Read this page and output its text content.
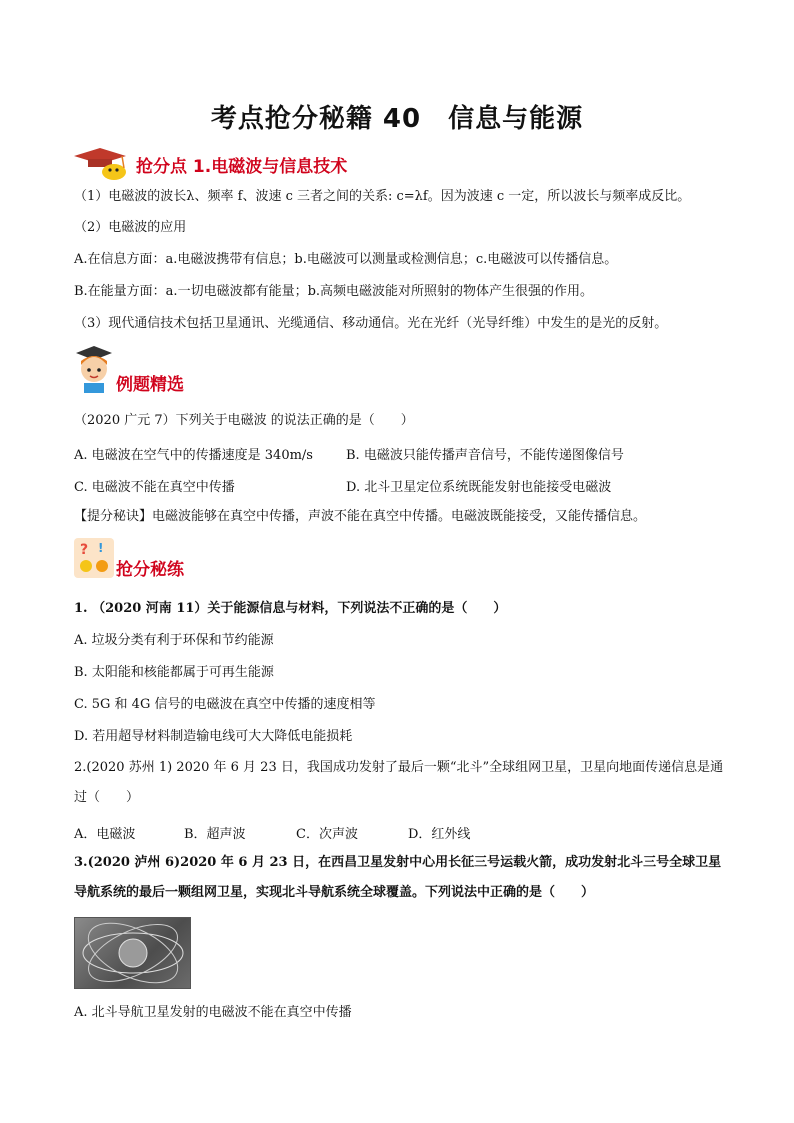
考点抢分秘籍 40　信息与能源
抢分点 1.电磁波与信息技术
（1）电磁波的波长λ、频率 f、波速 c 三者之间的关系: c=λf。因为波速 c 一定，所以波长与频率成反比。
（2）电磁波的应用
A.在信息方面：a.电磁波携带有信息；b.电磁波可以测量或检测信息；c.电磁波可以传播信息。
B.在能量方面：a.一切电磁波都有能量；b.高频电磁波能对所照射的物体产生很强的作用。
（3）现代通信技术包括卫星通讯、光缆通信、移动通信。光在光纤（光导纤维）中发生的是光的反射。
例题精选
（2020 广元 7）下列关于电磁波 的说法正确的是（　　）
A. 电磁波在空气中的传播速度是 340m/s	B. 电磁波只能传播声音信号，不能传递图像信号
C. 电磁波不能在真空中传播	D. 北斗卫星定位系统既能发射也能接受电磁波
【提分秘诀】电磁波能够在真空中传播，声波不能在真空中传播。电磁波既能接受，又能传播信息。
? !
抢分秘练
1. （2020 河南 11）关于能源信息与材料，下列说法不正确的是（　　）
A. 垃圾分类有利于环保和节约能源
B. 太阳能和核能都属于可再生能源
C. 5G 和 4G 信号的电磁波在真空中传播的速度相等
D. 若用超导材料制造输电线可大大降低电能损耗
2.(2020 苏州 1) 2020 年 6 月 23 日，我国成功发射了最后一颗“北斗”全球组网卫星，卫星向地面传递信息是通过（　　）
A．电磁波	B．超声波	C．次声波	D．红外线
3.(2020 泸州 6)2020 年 6 月 23 日，在西昌卫星发射中心用长征三号运载火箭，成功发射北斗三号全球卫星导航系统的最后一颗组网卫星，实现北斗导航系统全球覆盖。下列说法中正确的是（　　）
A. 北斗导航卫星发射的电磁波不能在真空中传播
